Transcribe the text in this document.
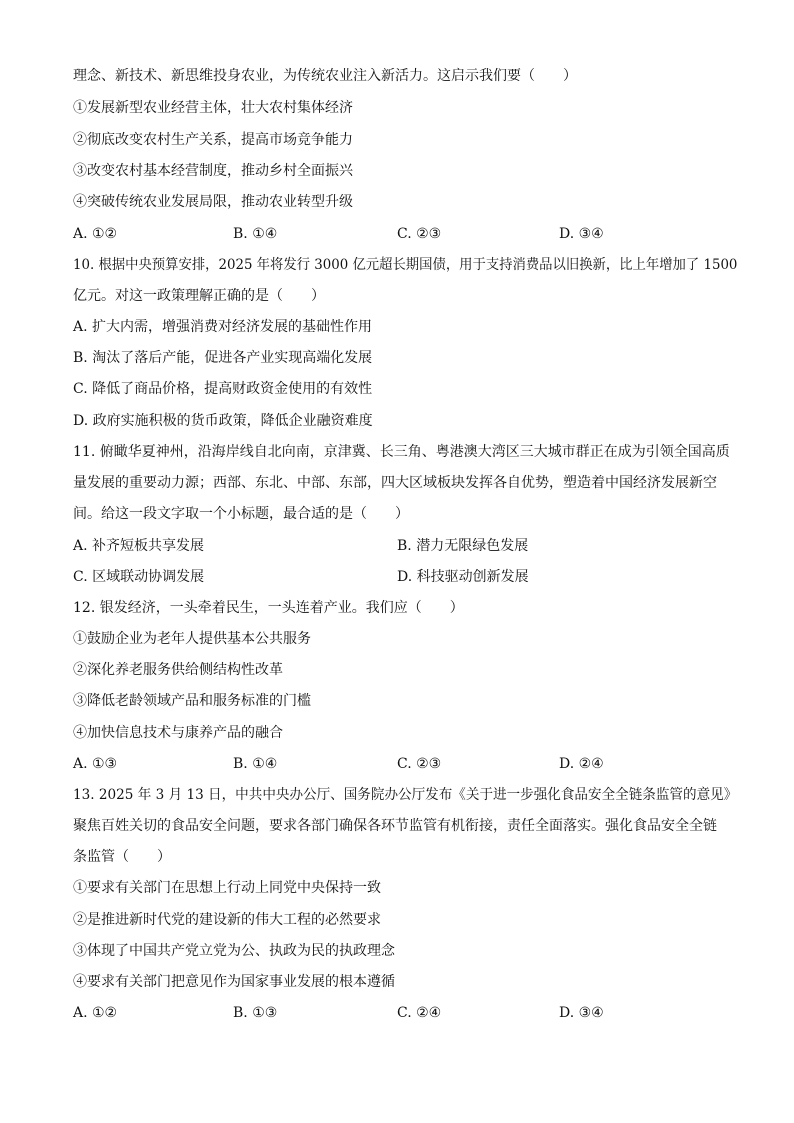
理念、新技术、新思维投身农业，为传统农业注入新活力。这启示我们要（　　）
①发展新型农业经营主体，壮大农村集体经济
②彻底改变农村生产关系，提高市场竞争能力
③改变农村基本经营制度，推动乡村全面振兴
④突破传统农业发展局限，推动农业转型升级
A. ①②	B. ①④	C. ②③	D. ③④
10. 根据中央预算安排，2025 年将发行 3000 亿元超长期国债，用于支持消费品以旧换新，比上年增加了 1500
亿元。对这一政策理解正确的是（　　）
A. 扩大内需，增强消费对经济发展的基础性作用
B. 淘汰了落后产能，促进各产业实现高端化发展
C. 降低了商品价格，提高财政资金使用的有效性
D. 政府实施积极的货币政策，降低企业融资难度
11. 俯瞰华夏神州，沿海岸线自北向南，京津冀、长三角、粤港澳大湾区三大城市群正在成为引领全国高质
量发展的重要动力源；西部、东北、中部、东部，四大区域板块发挥各自优势，塑造着中国经济发展新空
间。给这一段文字取一个小标题，最合适的是（　　）
A. 补齐短板共享发展	B. 潜力无限绿色发展
C. 区域联动协调发展	D. 科技驱动创新发展
12. 银发经济，一头牵着民生，一头连着产业。我们应（　　）
①鼓励企业为老年人提供基本公共服务
②深化养老服务供给侧结构性改革
③降低老龄领域产品和服务标准的门槛
④加快信息技术与康养产品的融合
A. ①③	B. ①④	C. ②③	D. ②④
13. 2025 年 3 月 13 日，中共中央办公厅、国务院办公厅发布《关于进一步强化食品安全全链条监管的意见》
聚焦百姓关切的食品安全问题，要求各部门确保各环节监管有机衔接，责任全面落实。强化食品安全全链
条监管（　　）
①要求有关部门在思想上行动上同党中央保持一致
②是推进新时代党的建设新的伟大工程的必然要求
③体现了中国共产党立党为公、执政为民的执政理念
④要求有关部门把意见作为国家事业发展的根本遵循
A. ①②	B. ①③	C. ②④	D. ③④
